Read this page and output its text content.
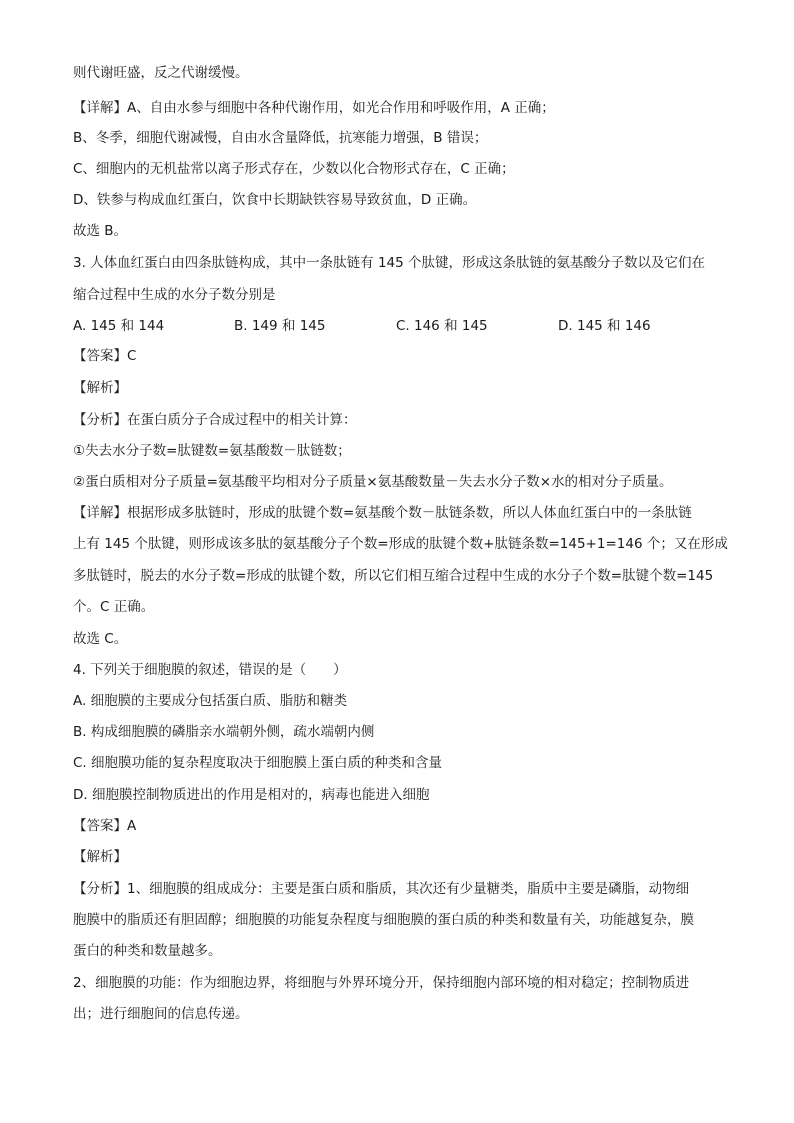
则代谢旺盛，反之代谢缓慢。
【详解】A、自由水参与细胞中各种代谢作用，如光合作用和呼吸作用，A 正确；
B、冬季，细胞代谢减慢，自由水含量降低，抗寒能力增强，B 错误；
C、细胞内的无机盐常以离子形式存在，少数以化合物形式存在，C 正确；
D、铁参与构成血红蛋白，饮食中长期缺铁容易导致贫血，D 正确。
故选 B。
3. 人体血红蛋白由四条肽链构成，其中一条肽链有 145 个肽键，形成这条肽链的氨基酸分子数以及它们在
缩合过程中生成的水分子数分别是
A. 145 和 144	B. 149 和 145	C. 146 和 145	D. 145 和 146
【答案】C
【解析】
【分析】在蛋白质分子合成过程中的相关计算：
①失去水分子数=肽键数=氨基酸数－肽链数；
②蛋白质相对分子质量=氨基酸平均相对分子质量×氨基酸数量－失去水分子数×水的相对分子质量。
【详解】根据形成多肽链时，形成的肽键个数=氨基酸个数－肽链条数，所以人体血红蛋白中的一条肽链
上有 145 个肽键，则形成该多肽的氨基酸分子个数=形成的肽键个数+肽链条数=145+1=146 个；又在形成
多肽链时，脱去的水分子数=形成的肽键个数，所以它们相互缩合过程中生成的水分子个数=肽键个数=145
个。C 正确。
故选 C。
4. 下列关于细胞膜的叙述，错误的是（　　）
A. 细胞膜的主要成分包括蛋白质、脂肪和糖类
B. 构成细胞膜的磷脂亲水端朝外侧，疏水端朝内侧
C. 细胞膜功能的复杂程度取决于细胞膜上蛋白质的种类和含量
D. 细胞膜控制物质进出的作用是相对的，病毒也能进入细胞
【答案】A
【解析】
【分析】1、细胞膜的组成成分：主要是蛋白质和脂质，其次还有少量糖类，脂质中主要是磷脂，动物细
胞膜中的脂质还有胆固醇；细胞膜的功能复杂程度与细胞膜的蛋白质的种类和数量有关，功能越复杂，膜
蛋白的种类和数量越多。
2、细胞膜的功能：作为细胞边界，将细胞与外界环境分开，保持细胞内部环境的相对稳定；控制物质进
出；进行细胞间的信息传递。
